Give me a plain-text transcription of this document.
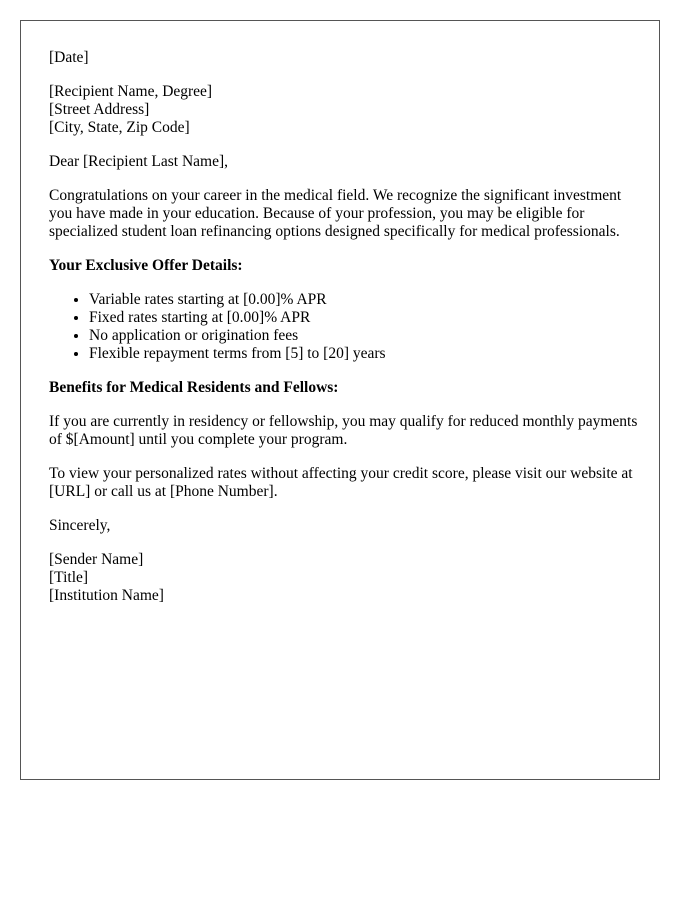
[Date]

[Recipient Name, Degree]
[Street Address]
[City, State, Zip Code]

Dear [Recipient Last Name],

Congratulations on your career in the medical field. We recognize the significant investment you have made in your education. Because of your profession, you may be eligible for specialized student loan refinancing options designed specifically for medical professionals.

Your Exclusive Offer Details:

• Variable rates starting at [0.00]% APR
• Fixed rates starting at [0.00]% APR
• No application or origination fees
• Flexible repayment terms from [5] to [20] years

Benefits for Medical Residents and Fellows:

If you are currently in residency or fellowship, you may qualify for reduced monthly payments of $[Amount] until you complete your program.

To view your personalized rates without affecting your credit score, please visit our website at [URL] or call us at [Phone Number].

Sincerely,

[Sender Name]
[Title]
[Institution Name]
